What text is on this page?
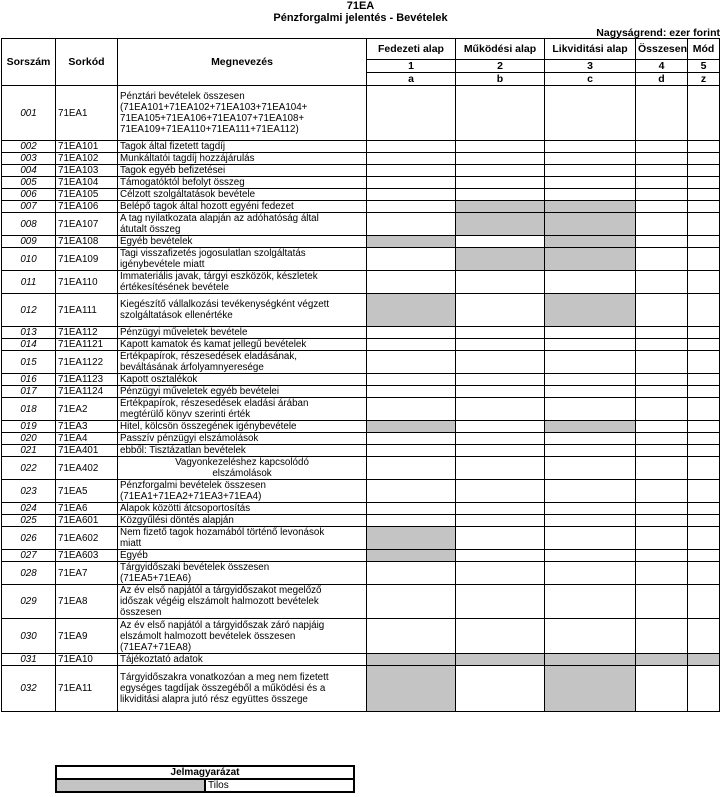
71EA
Pénzforgalmi jelentés - Bevételek
Nagyságrend: ezer forint
Sorszám	Sorkód	Megnevezés	Fedezeti alap	Működési alap	Likviditási alap	Összesen	Mód
			1	2	3	4	5
			a	b	c	d	z
001	71EA1	Pénztári bevételek összesen
(71EA101+71EA102+71EA103+71EA104+
71EA105+71EA106+71EA107+71EA108+
71EA109+71EA110+71EA111+71EA112)					
002	71EA101	Tagok által fizetett tagdíj					
003	71EA102	Munkáltatói tagdíj hozzájárulás					
004	71EA103	Tagok egyéb befizetései					
005	71EA104	Támogatóktól befolyt összeg					
006	71EA105	Célzott szolgáltatások bevétele					
007	71EA106	Belépő tagok által hozott egyéni fedezet					
008	71EA107	A tag nyilatkozata alapján az adóhatóság által
átutalt összeg					
009	71EA108	Egyéb bevételek					
010	71EA109	Tagi visszafizetés jogosulatlan szolgáltatás
igénybevétele miatt					
011	71EA110	Immateriális javak, tárgyi eszközök, készletek
értékesítésének bevétele					
012	71EA111	Kiegészítő vállalkozási tevékenységként végzett
szolgáltatások ellenértéke					
013	71EA112	Pénzügyi műveletek bevétele					
014	71EA1121	Kapott kamatok és kamat jellegű bevételek					
015	71EA1122	Értékpapírok, részesedések eladásának,
beváltásának árfolyamnyeresége					
016	71EA1123	Kapott osztalékok					
017	71EA1124	Pénzügyi műveletek egyéb bevételei					
018	71EA2	Értékpapírok, részesedések eladási árában
megtérülő könyv szerinti érték					
019	71EA3	Hitel, kölcsön összegének igénybevétele					
020	71EA4	Passzív pénzügyi elszámolások					
021	71EA401	ebből: Tisztázatlan bevételek					
022	71EA402	Vagyonkezeléshez kapcsolódó
elszámolások					
023	71EA5	Pénzforgalmi bevételek összesen
(71EA1+71EA2+71EA3+71EA4)					
024	71EA6	Alapok közötti átcsoportosítás					
025	71EA601	Közgyűlési döntés alapján					
026	71EA602	Nem fizető tagok hozamából történő levonások
miatt					
027	71EA603	Egyéb					
028	71EA7	Tárgyidőszaki bevételek összesen
(71EA5+71EA6)					
029	71EA8	Az év első napjától a tárgyidőszakot megelőző
időszak végéig elszámolt halmozott bevételek
összesen					
030	71EA9	Az év első napjától a tárgyidőszak záró napjáig
elszámolt halmozott bevételek összesen
(71EA7+71EA8)					
031	71EA10	Tájékoztató adatok					
032	71EA11	Tárgyidőszakra vonatkozóan a meg nem fizetett
egységes tagdíjak összegéből a működési és a
likviditási alapra jutó rész együttes összege					
Jelmagyarázat
	Tilos
